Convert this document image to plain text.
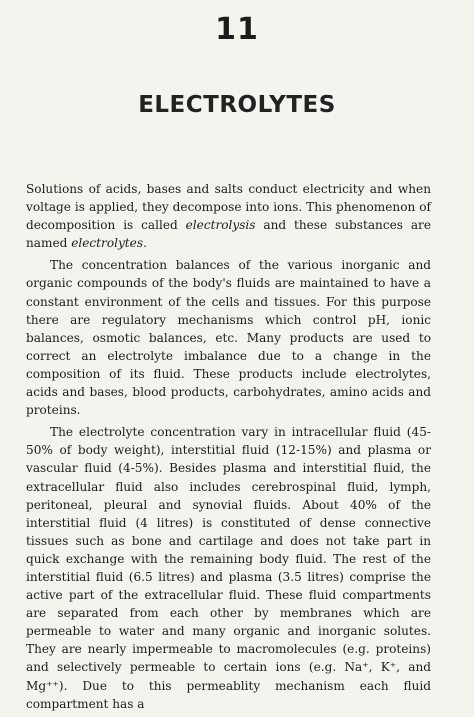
11
ELECTROLYTES

Solutions of acids, bases and salts conduct electricity and when voltage is applied, they decompose into ions. This phenomenon of decomposition is called electrolysis and these substances are named electrolytes.

The concentration balances of the various inorganic and organic compounds of the body's fluids are maintained to have a constant environment of the cells and tissues. For this purpose there are regulatory mechanisms which control pH, ionic balances, osmotic balances, etc. Many products are used to correct an electrolyte imbalance due to a change in the composition of its fluid. These products include electrolytes, acids and bases, blood products, carbohydrates, amino acids and proteins.

The electrolyte concentration vary in intracellular fluid (45-50% of body weight), interstitial fluid (12-15%) and plasma or vascular fluid (4-5%). Besides plasma and interstitial fluid, the extracellular fluid also includes cerebrospinal fluid, lymph, peritoneal, pleural and synovial fluids. About 40% of the interstitial fluid (4 litres) is constituted of dense connective tissues such as bone and cartilage and does not take part in quick exchange with the remaining body fluid. The rest of the interstitial fluid (6.5 litres) and plasma (3.5 litres) comprise the active part of the extracellular fluid. These fluid compartments are separated from each other by membranes which are permeable to water and many organic and inorganic solutes. They are nearly impermeable to macromolecules (e.g. proteins) and selectively permeable to certain ions (e.g. Na⁺, K⁺, and Mg⁺⁺). Due to this permeablity mechanism each fluid compartment has a
